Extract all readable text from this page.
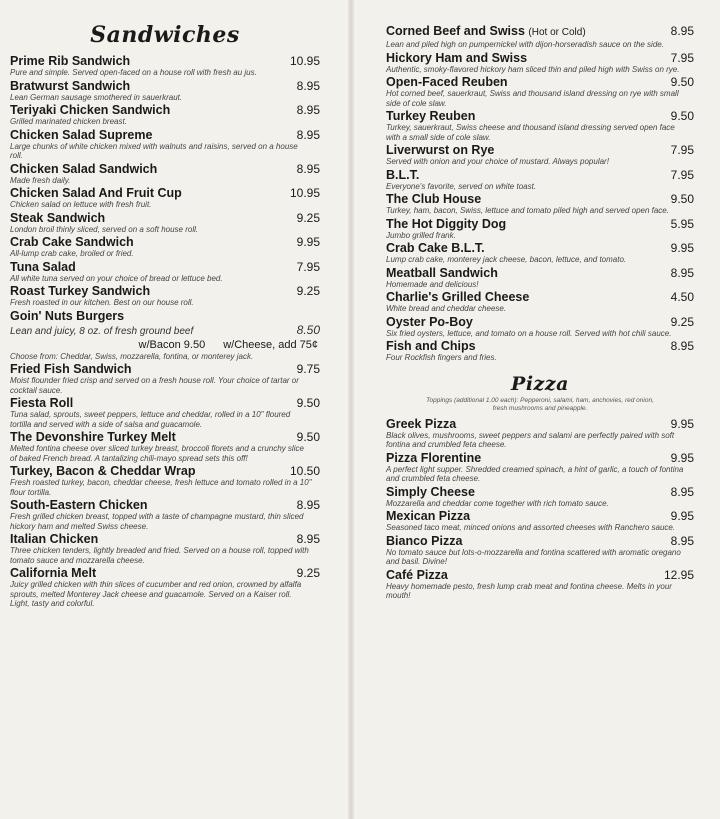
Sandwiches
Prime Rib Sandwich	10.95
Pure and simple. Served open-faced on a house roll with fresh au jus.
Bratwurst Sandwich	8.95
Lean German sausage smothered in sauerkraut.
Teriyaki Chicken Sandwich	8.95
Grilled marinated chicken breast.
Chicken Salad Supreme	8.95
Large chunks of white chicken mixed with walnuts and raisins, served on a house roll.
Chicken Salad Sandwich	8.95
Made fresh daily.
Chicken Salad And Fruit Cup	10.95
Chicken salad on lettuce with fresh fruit.
Steak Sandwich	9.25
London broil thinly sliced, served on a soft house roll.
Crab Cake Sandwich	9.95
All-lump crab cake, broiled or fried.
Tuna Salad	7.95
All white tuna served on your choice of bread or lettuce bed.
Roast Turkey Sandwich	9.25
Fresh roasted in our kitchen. Best on our house roll.
Goin' Nuts Burgers
Lean and juicy, 8 oz. of fresh ground beef	8.50
w/Bacon 9.50 w/Cheese, add 75¢
Choose from: Cheddar, Swiss, mozzarella, fontina, or monterey jack.
Fried Fish Sandwich	9.75
Moist flounder fried crisp and served on a fresh house roll. Your choice of tartar or cocktail sauce.
Fiesta Roll	9.50
Tuna salad, sprouts, sweet peppers, lettuce and cheddar, rolled in a 10" floured tortilla and served with a side of salsa and guacamole.
The Devonshire Turkey Melt	9.50
Melted fontina cheese over sliced turkey breast, broccoli florets and a crunchy slice of baked French bread. A tantalizing chili-mayo spread sets this off!
Turkey, Bacon & Cheddar Wrap	10.50
Fresh roasted turkey, bacon, cheddar cheese, fresh lettuce and tomato rolled in a 10" flour tortilla.
South-Eastern Chicken	8.95
Fresh grilled chicken breast, topped with a taste of champagne mustard, thin sliced hickory ham and melted Swiss cheese.
Italian Chicken	8.95
Three chicken tenders, lightly breaded and fried. Served on a house roll, topped with tomato sauce and mozzarella cheese.
California Melt	9.25
Juicy grilled chicken with thin slices of cucumber and red onion, crowned by alfalfa sprouts, melted Monterey Jack cheese and guacamole. Served on a Kaiser roll. Light, tasty and colorful.
Corned Beef and Swiss (Hot or Cold)	8.95
Lean and piled high on pumpernickel with dijon-horseradish sauce on the side.
Hickory Ham and Swiss	7.95
Authentic, smoky-flavored hickory ham sliced thin and piled high with Swiss on rye.
Open-Faced Reuben	9.50
Hot corned beef, sauerkraut, Swiss and thousand island dressing on rye with small side of cole slaw.
Turkey Reuben	9.50
Turkey, sauerkraut, Swiss cheese and thousand island dressing served open face with a small side of cole slaw.
Liverwurst on Rye	7.95
Served with onion and your choice of mustard. Always popular!
B.L.T.	7.95
Everyone's favorite, served on white toast.
The Club House	9.50
Turkey, ham, bacon, Swiss, lettuce and tomato piled high and served open face.
The Hot Diggity Dog	5.95
Jumbo grilled frank.
Crab Cake B.L.T.	9.95
Lump crab cake, monterey jack cheese, bacon, lettuce, and tomato.
Meatball Sandwich	8.95
Homemade and delicious!
Charlie's Grilled Cheese	4.50
White bread and cheddar cheese.
Oyster Po-Boy	9.25
Six fried oysters, lettuce, and tomato on a house roll. Served with hot chili sauce.
Fish and Chips	8.95
Four Rockfish fingers and fries.
Pizza
Toppings (additional 1.00 each): Pepperoni, salami, ham, anchovies, red onion, fresh mushrooms and pineapple.
Greek Pizza	9.95
Black olives, mushrooms, sweet peppers and salami are perfectly paired with soft fontina and crumbled feta cheese.
Pizza Florentine	9.95
A perfect light supper. Shredded creamed spinach, a hint of garlic, a touch of fontina and crumbled feta cheese.
Simply Cheese	8.95
Mozzarella and cheddar come together with rich tomato sauce.
Mexican Pizza	9.95
Seasoned taco meat, minced onions and assorted cheeses with Ranchero sauce.
Bianco Pizza	8.95
No tomato sauce but lots-o-mozzarella and fontina scattered with aromatic oregano and basil. Divine!
Café Pizza	12.95
Heavy homemade pesto, fresh lump crab meat and fontina cheese. Melts in your mouth!
